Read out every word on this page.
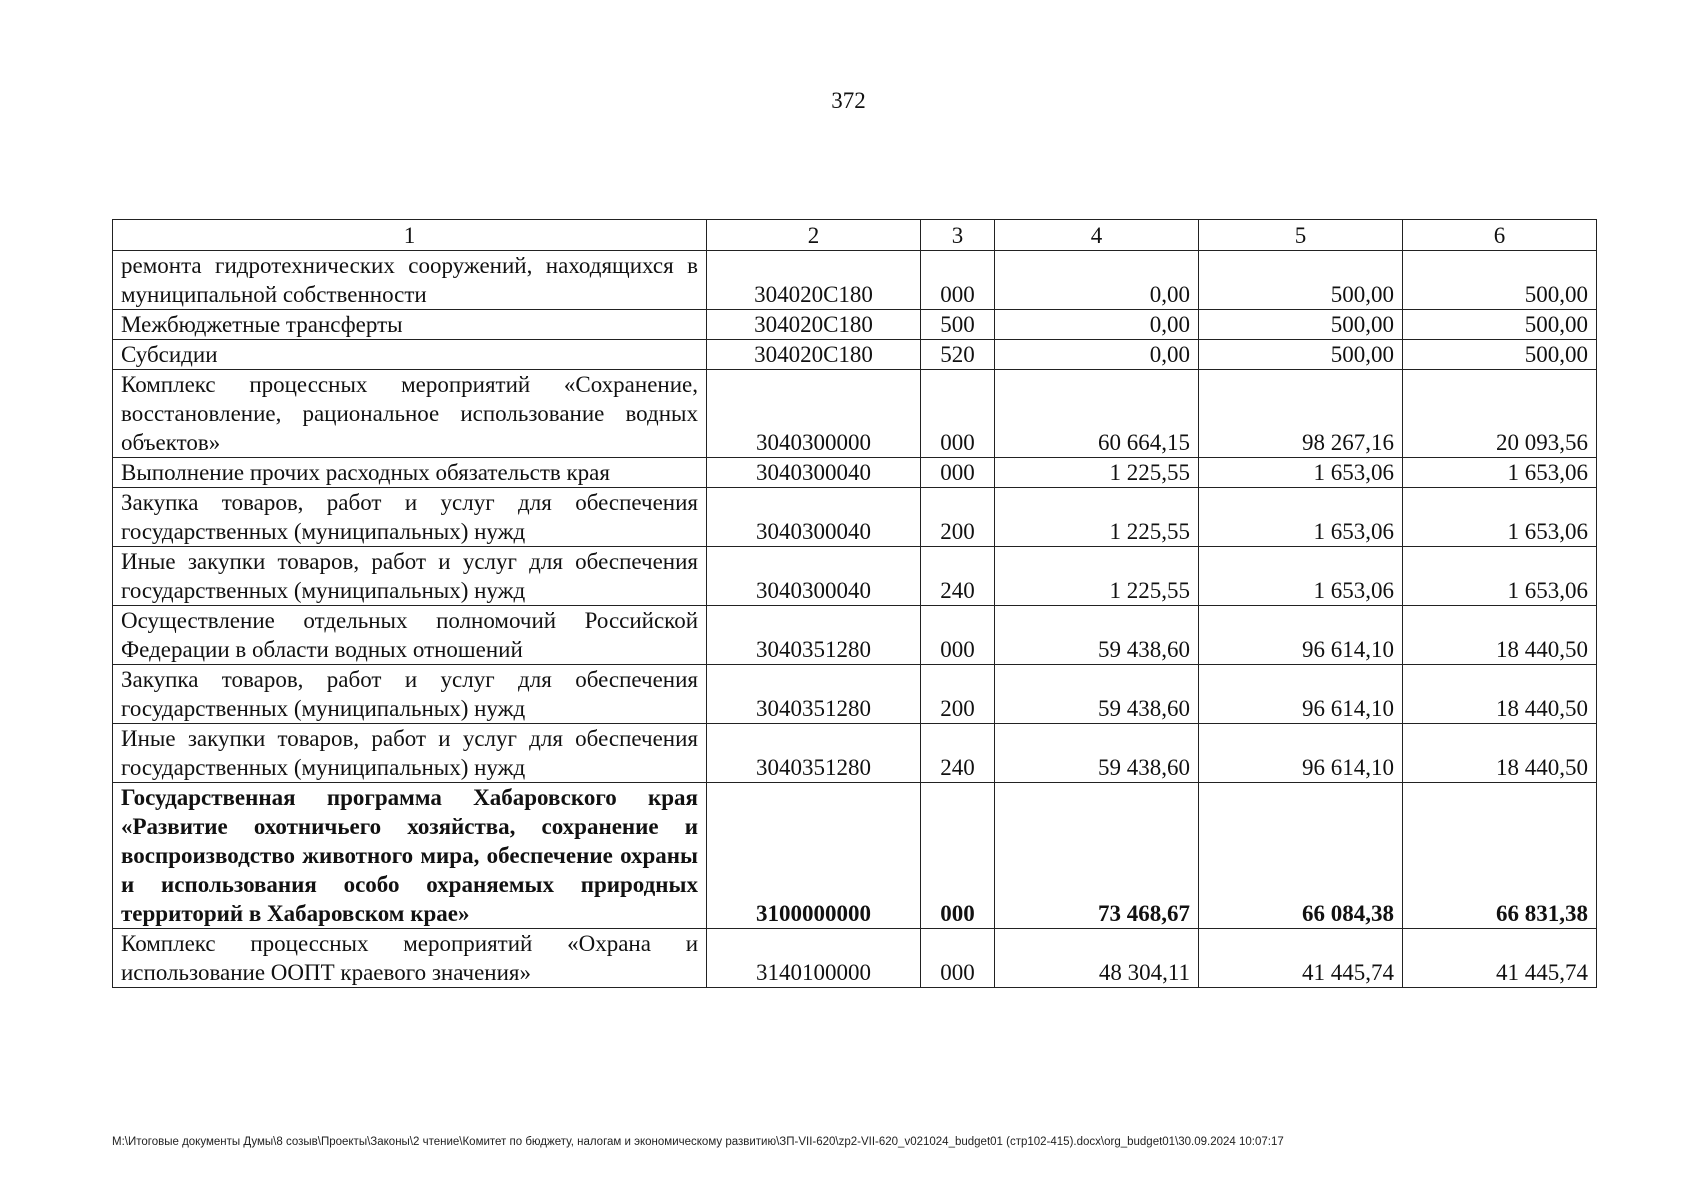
372
1	2	3	4	5	6
ремонта гидротехнических сооружений, находящихся в муниципальной собственности	304020С180	000	0,00	500,00	500,00
Межбюджетные трансферты	304020С180	500	0,00	500,00	500,00
Субсидии	304020С180	520	0,00	500,00	500,00
Комплекс процессных мероприятий «Сохранение, восстановление, рациональное использование водных объектов»	3040300000	000	60 664,15	98 267,16	20 093,56
Выполнение прочих расходных обязательств края	3040300040	000	1 225,55	1 653,06	1 653,06
Закупка товаров, работ и услуг для обеспечения государственных (муниципальных) нужд	3040300040	200	1 225,55	1 653,06	1 653,06
Иные закупки товаров, работ и услуг для обеспечения государственных (муниципальных) нужд	3040300040	240	1 225,55	1 653,06	1 653,06
Осуществление отдельных полномочий Российской Федерации в области водных отношений	3040351280	000	59 438,60	96 614,10	18 440,50
Закупка товаров, работ и услуг для обеспечения государственных (муниципальных) нужд	3040351280	200	59 438,60	96 614,10	18 440,50
Иные закупки товаров, работ и услуг для обеспечения государственных (муниципальных) нужд	3040351280	240	59 438,60	96 614,10	18 440,50
Государственная программа Хабаровского края «Развитие охотничьего хозяйства, сохранение и воспроизводство животного мира, обеспечение охраны и использования особо охраняемых природных территорий в Хабаровском крае»	3100000000	000	73 468,67	66 084,38	66 831,38
Комплекс процессных мероприятий «Охрана и использование ООПТ краевого значения»	3140100000	000	48 304,11	41 445,74	41 445,74
M:\Итоговые документы Думы\8 созыв\Проекты\Законы\2 чтение\Комитет по бюджету, налогам и экономическому развитию\ЗП-VII-620\zp2-VII-620_v021024_budget01 (стр102-415).docx\org_budget01\30.09.2024 10:07:17
